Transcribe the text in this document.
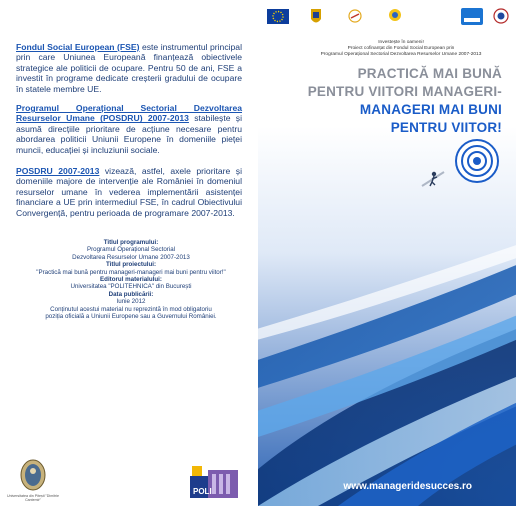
Fondul Social European (FSE) este instrumentul principal prin care Uniunea Europeană finanțează obiectivele strategice ale politicii de ocupare. Pentru 50 de ani, FSE a investit în programe dedicate creșterii gradului de ocupare în statele membre UE.

Programul Operațional Sectorial Dezvoltarea Resurselor Umane (POSDRU) 2007-2013 stabilește și asumă direcțiile prioritare de acțiune necesare pentru abordarea politicii Uniunii Europene în domeniile pieței muncii, educației și incluziunii sociale.

POSDRU 2007-2013 vizează, astfel, axele prioritare și domeniile majore de intervenție ale României în domeniul resurselor umane în vederea implementării asistenței financiare a UE prin intermediul FSE, în cadrul Obiectivului Convergență, pentru perioada de programare 2007-2013.

Titlul programului:
Programul Operațional Sectorial
Dezvoltarea Resurselor Umane 2007-2013
Titlul proiectului:
"Practică mai bună pentru manageri-manageri mai buni pentru viitor!"
Editorul materialului:
Universitatea "POLITEHNICA" din București
Data publicării:
Iunie 2012
Conținutul acestui material nu reprezintă în mod obligatoriu
poziția oficială a Uniunii Europene sau a Guvernului României.
Universitatea din Pitești "Dimitrie Cantemir"
POLI
Investește în oameni!
Proiect cofinanțat din Fondul Social European prin
Programul Operațional Sectorial Dezvoltarea Resurselor Umane 2007-2013
PRACTICĂ MAI BUNĂ
PENTRU VIITORI MANAGERI-
MANAGERI MAI BUNI
PENTRU VIITOR!
www.manageridesucces.ro
